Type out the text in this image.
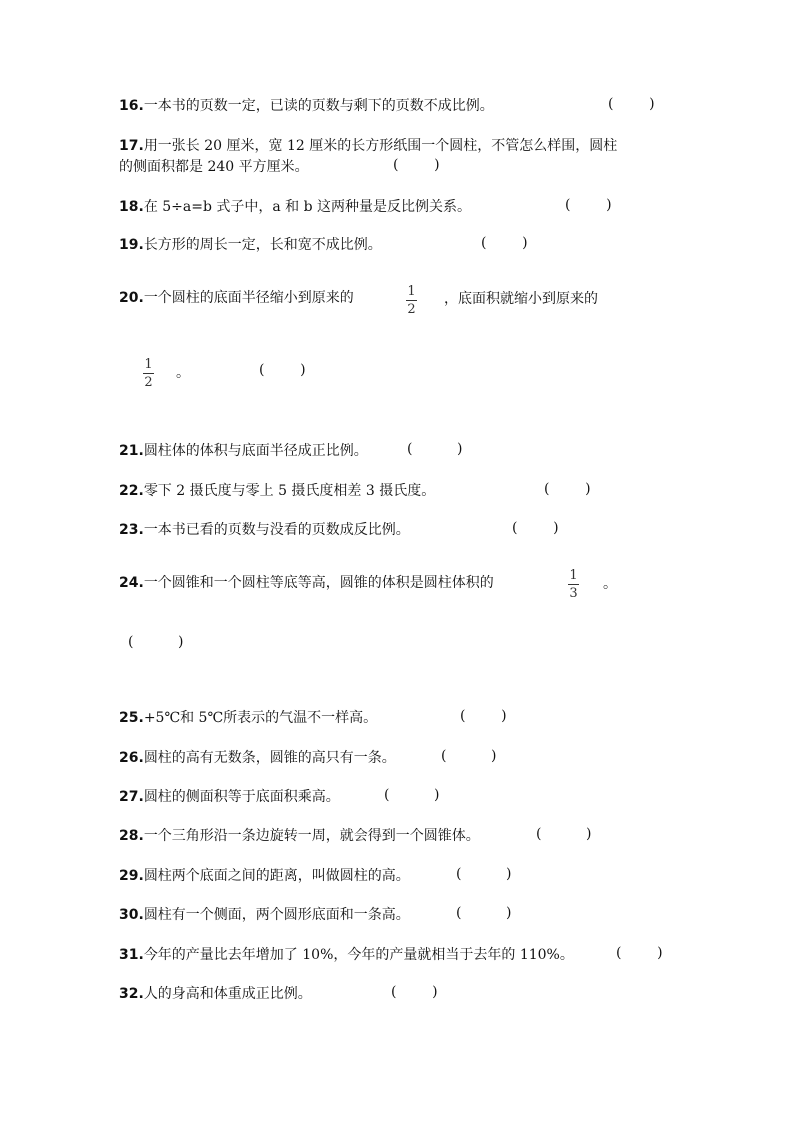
16.一本书的页数一定，已读的页数与剩下的页数不成比例。	(        )
17.用一张长 20 厘米，宽 12 厘米的长方形纸围一个圆柱，不管怎么样围，圆柱
的侧面积都是 240 平方厘米。	(        )
18.在 5÷a=b 式子中，a 和 b 这两种量是反比例关系。	(        )
19.长方形的周长一定，长和宽不成比例。	(        )
20.一个圆柱的底面半径缩小到原来的	1
2
，底面积就缩小到原来的
1
2
。	(        )
21.圆柱体的体积与底面半径成正比例。	(          )
22.零下 2 摄氏度与零上 5 摄氏度相差 3 摄氏度。	(        )
23.一本书已看的页数与没看的页数成反比例。	(        )
24.一个圆锥和一个圆柱等底等高，圆锥的体积是圆柱体积的	1
3
。
(          )
25.+5℃和 5℃所表示的气温不一样高。	(        )
26.圆柱的高有无数条，圆锥的高只有一条。	(          )
27.圆柱的侧面积等于底面积乘高。	(          )
28.一个三角形沿一条边旋转一周，就会得到一个圆锥体。	(          )
29.圆柱两个底面之间的距离，叫做圆柱的高。	(          )
30.圆柱有一个侧面，两个圆形底面和一条高。	(          )
31.今年的产量比去年增加了 10%，今年的产量就相当于去年的 110%。	(        )
32.人的身高和体重成正比例。	(        )
